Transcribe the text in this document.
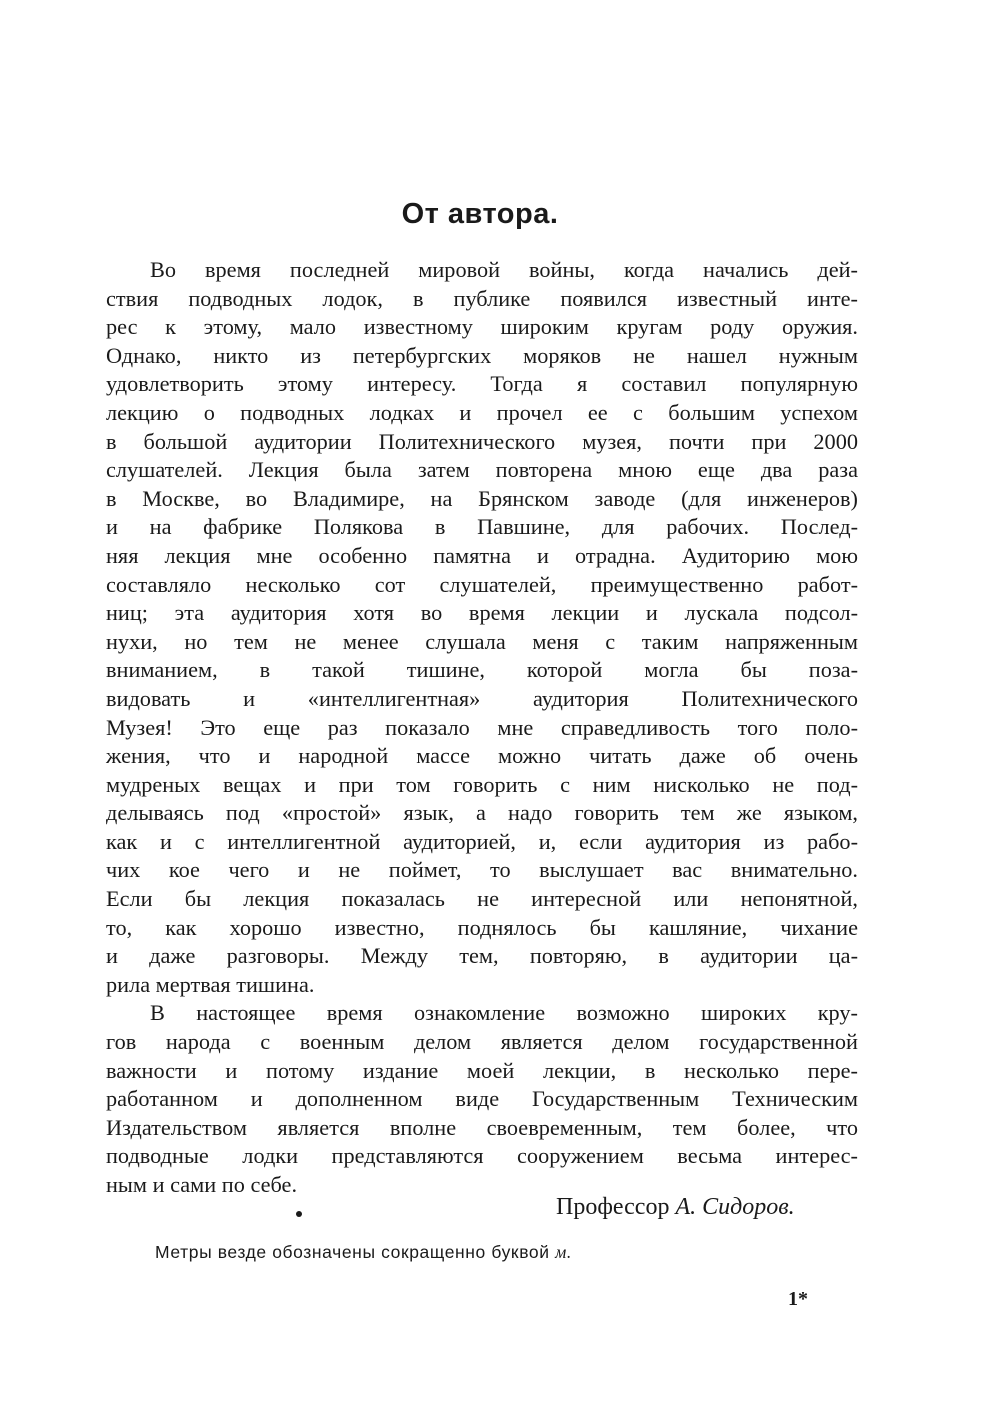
От автора.
Во время последней мировой войны, когда начались дей-
ствия подводных лодок, в публике появился известный инте-
рес к этому, мало известному широким кругам роду оружия.
Однако, никто из петербургских моряков не нашел нужным
удовлетворить этому интересу. Тогда я составил популярную
лекцию о подводных лодках и прочел ее с большим успехом
в большой аудитории Политехнического музея, почти при 2000
слушателей. Лекция была затем повторена мною еще два раза
в Москве, во Владимире, на Брянском заводе (для инженеров)
и на фабрике Полякова в Павшине, для рабочих. Послед-
няя лекция мне особенно памятна и отрадна. Аудиторию мою
составляло несколько сот слушателей, преимущественно работ-
ниц; эта аудитория хотя во время лекции и лускала подсол-
нухи, но тем не менее слушала меня с таким напряженным
вниманием, в такой тишине, которой могла бы поза-
видовать и «интеллигентная» аудитория Политехнического
Музея! Это еще раз показало мне справедливость того поло-
жения, что и народной массе можно читать даже об очень
мудреных вещах и при том говорить с ним нисколько не под-
делываясь под «простой» язык, а надо говорить тем же языком,
как и с интеллигентной аудиторией, и, если аудитория из рабо-
чих кое чего и не поймет, то выслушает вас внимательно.
Если бы лекция показалась не интересной или непонятной,
то, как хорошо известно, поднялось бы кашляние, чихание
и даже разговоры. Между тем, повторяю, в аудитории ца-
рила мертвая тишина.
В настоящее время ознакомление возможно широких кру-
гов народа с военным делом является делом государственной
важности и потому издание моей лекции, в несколько пере-
работанном и дополненном виде Государственным Техническим
Издательством является вполне своевременным, тем более, что
подводные лодки представляются сооружением весьма интерес-
ным и сами по себе.
Профессор А. Сидоров.
Метры везде обозначены сокращенно буквой м.
1*
